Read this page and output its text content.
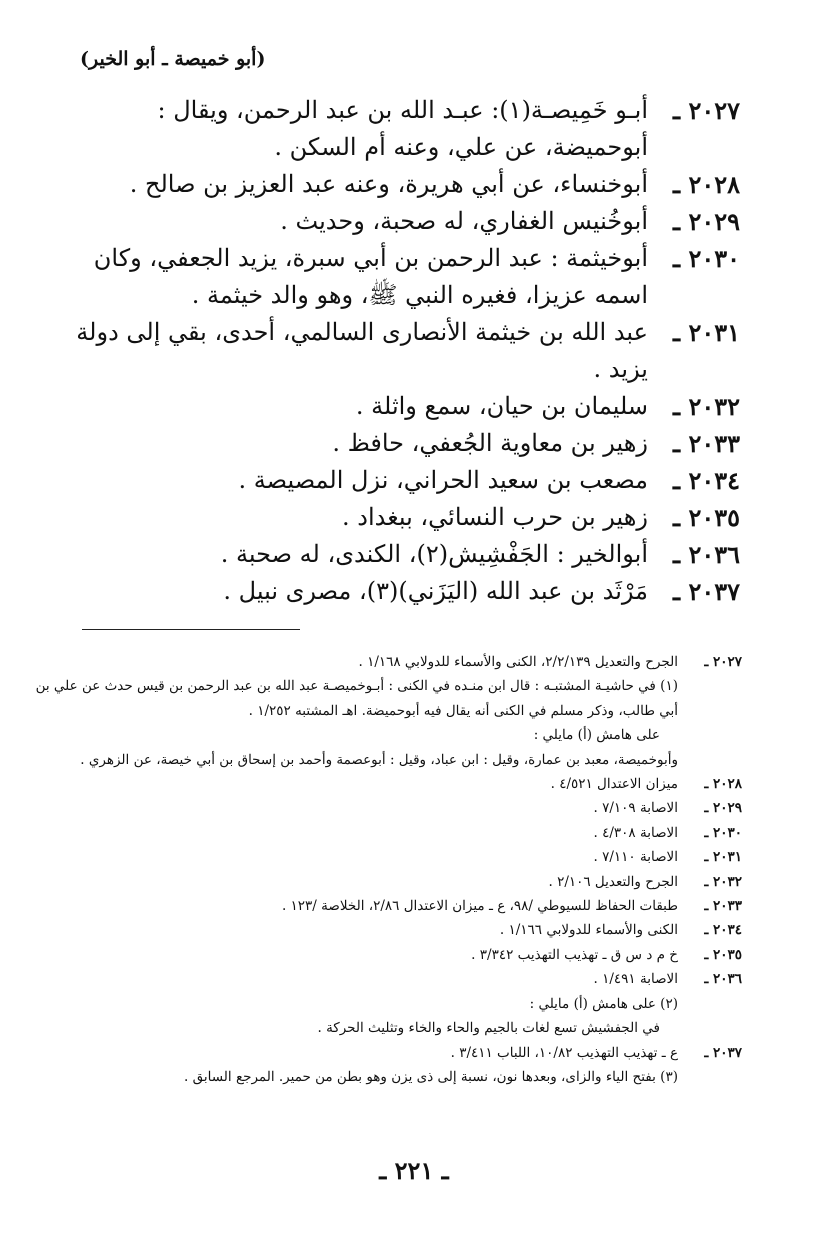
(أبو خميصة ـ أبو الخير)
٢٠٢٧ ـ
أبـو خَمِيصـة(١): عبـد الله بن عبد الرحمن، ويقال : أبوحميضة، عن علي، وعنه أم السكن .
٢٠٢٨ ـ
أبوخنساء، عن أبي هريرة، وعنه عبد العزيز بن صالح .
٢٠٢٩ ـ
أبوخُنيس الغفاري، له صحبة، وحديث .
٢٠٣٠ ـ
أبوخيثمة : عبد الرحمن بن أبي سبرة، يزيد الجعفي، وكان اسمه عزيزا، فغيره النبي ﷺ، وهو والد خيثمة .
٢٠٣١ ـ
عبد الله بن خيثمة الأنصارى السالمي، أحدى، بقي إلى دولة يزيد .
٢٠٣٢ ـ
سليمان بن حيان، سمع واثلة .
٢٠٣٣ ـ
زهير بن معاوية الجُعفي، حافظ .
٢٠٣٤ ـ
مصعب بن سعيد الحراني، نزل المصيصة .
٢٠٣٥ ـ
زهير بن حرب النسائي، ببغداد .
٢٠٣٦ ـ
أبوالخير : الجَفْشِيش(٢)، الكندى، له صحبة .
٢٠٣٧ ـ
مَرْثَد بن عبد الله (اليَزَني)(٣)، مصرى نبيل .
٢٠٢٧ ـ
الجرح والتعديل ٢/٢/١٣٩، الكنى والأسماء للدولابي ١/١٦٨ .
(١) في حاشيـة المشتبـه : قال ابن منـده في الكنى : أبـوخميصـة عبد الله بن عبد الرحمن بن قيس حدث عن علي بن أبي طالب، وذكر مسلم في الكنى أنه يقال فيه أبوحميضة. اهـ المشتبه ١/٢٥٢ .
على هامش (أ) مايلي :
وأبوخميصة، معبد بن عمارة، وقيل : ابن عباد، وقيل : أبوعصمة وأحمد بن إسحاق بن أبي خيصة، عن الزهري .
٢٠٢٨ ـ
ميزان الاعتدال ٤/٥٢١ .
٢٠٢٩ ـ
الاصابة ٧/١٠٩ .
٢٠٣٠ ـ
الاصابة ٤/٣٠٨ .
٢٠٣١ ـ
الاصابة ٧/١١٠ .
٢٠٣٢ ـ
الجرح والتعديل ٢/١٠٦ .
٢٠٣٣ ـ
طبقات الحفاظ للسيوطي /٩٨، ع ـ ميزان الاعتدال ٢/٨٦، الخلاصة /١٢٣ .
٢٠٣٤ ـ
الكنى والأسماء للدولابي ١/١٦٦ .
٢٠٣٥ ـ
خ م د س ق ـ تهذيب التهذيب ٣/٣٤٢ .
٢٠٣٦ ـ
الاصابة ١/٤٩١ .
(٢) على هامش (أ) مايلي :
في الجفشيش تسع لغات بالجيم والحاء والخاء وتثليث الحركة .
٢٠٣٧ ـ
ع ـ تهذيب التهذيب ١٠/٨٢، اللباب ٣/٤١١ .
(٣) بفتح الياء والزاى، وبعدها نون، نسبة إلى ذى يزن وهو بطن من حمير. المرجع السابق .
ـ ٢٢١ ـ
